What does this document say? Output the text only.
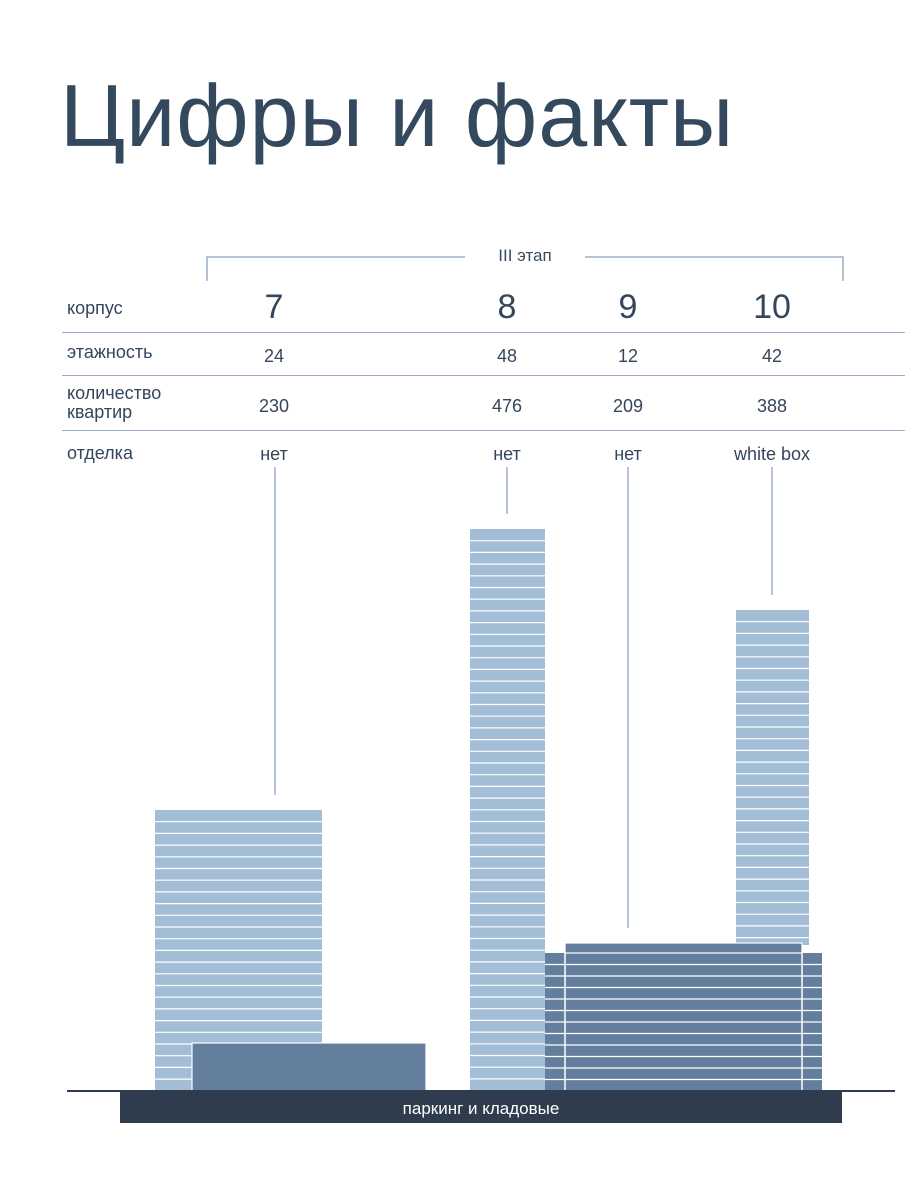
Цифры и факты
III этап
корпус
этажность
количество
квартир
отделка
7
24
230
нет
8
48
476
нет
9
12
209
нет
10
42
388
white box
паркинг и кладовые
